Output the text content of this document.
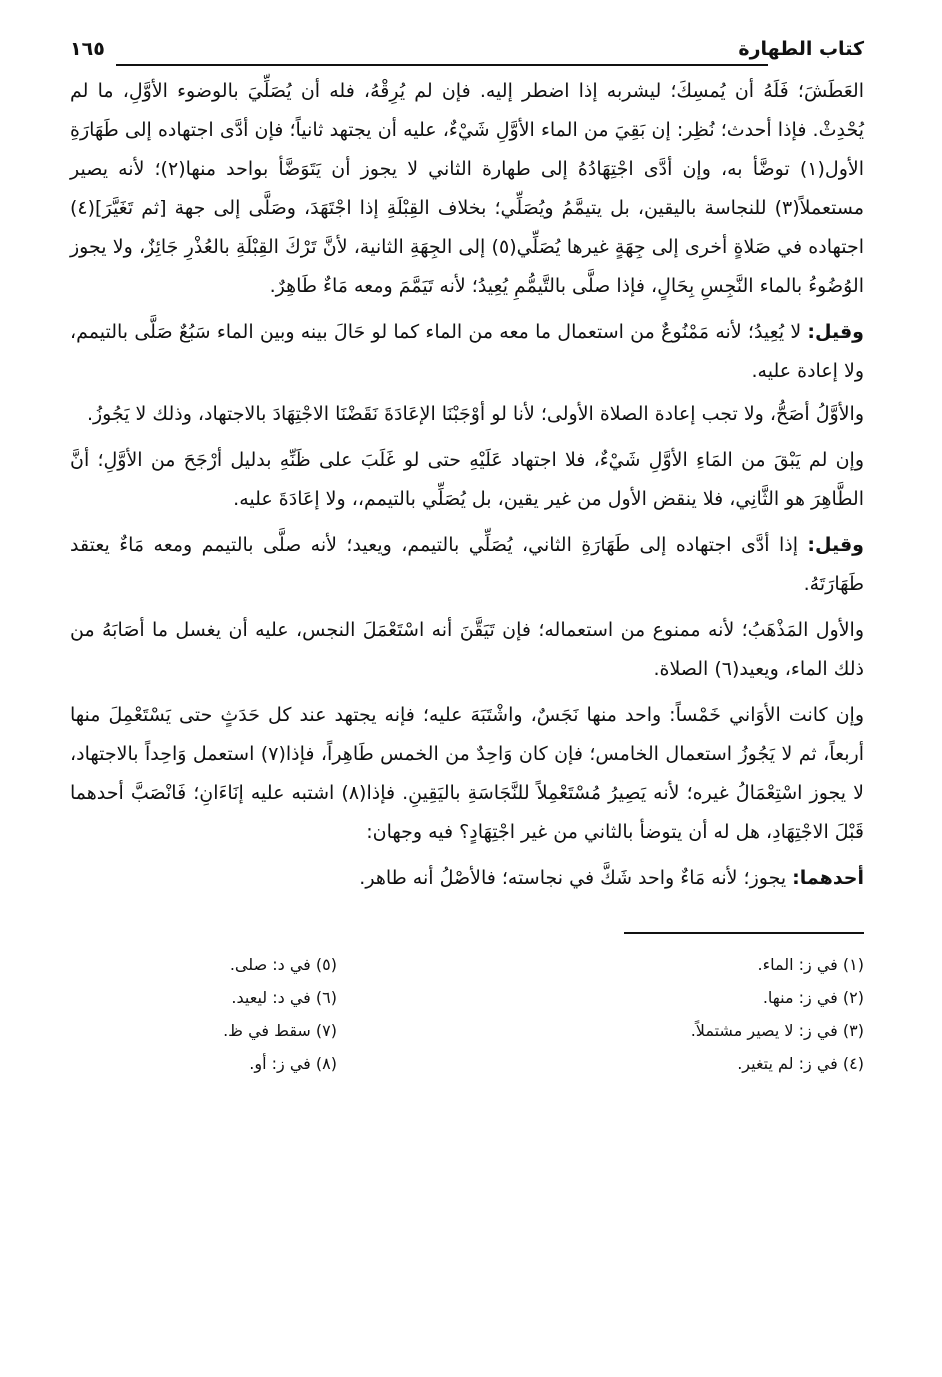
كتاب الطهارة
١٦٥

العَطَشَ؛ فَلَهُ أن يُمسِكَ؛ ليشربه إذا اضطر إليه. فإن لم يُرِقْهُ، فله أن يُصَلِّيَ بالوضوء الأوَّلِ، ما لم يُحْدِثْ. فإذا أحدث؛ نُظِر: إن بَقِيَ من الماء الأوَّلِ شَيْءٌ، عليه أن يجتهد ثانياً؛ فإن أدَّى اجتهاده إلى طَهَارَةِ الأول(١) توضَّأ به، وإن أدَّى اجْتِهَادُهُ إلى طهارة الثاني لا يجوز أن يَتَوَضَّأ بواحد منها(٢)؛ لأنه يصير مستعملاً(٣) للنجاسة باليقين، بل يتيمَّمُ ويُصَلِّي؛ بخلاف القِبْلَةِ إذا اجْتَهَدَ، وصَلَّى إلى جهة [ثم تَغَيَّرَ](٤) اجتهاده في صَلاةٍ أخرى إلى جِهَةٍ غيرها يُصَلِّي(٥) إلى الجِهَةِ الثانية، لأنَّ تَرْكَ القِبْلَةِ بالعُذْرِ جَائِزٌ، ولا يجوز الوُضُوءُ بالماء النَّجِسِ بِحَالٍ، فإذا صلَّى بالتَّيمُّمِ يُعِيدُ؛ لأنه تَيَمَّمَ ومعه مَاءٌ طَاهِرٌ.

وقيل: لا يُعِيدُ؛ لأنه مَمْنُوعٌ من استعمال ما معه من الماء كما لو حَالَ بينه وبين الماء سَبُعٌ صَلَّى بالتيمم، ولا إعادة عليه.

والأوَّلُ أصَحُّ، ولا تجب إعادة الصلاة الأولى؛ لأنا لو أوْجَبْنَا الإعَادَةَ نَقَضْنَا الاجْتِهَادَ بالاجتهاد، وذلك لا يَجُوزُ.

وإن لم يَبْقَ من المَاءِ الأوَّلِ شَيْءٌ، فلا اجتهاد عَلَيْهِ حتى لو غَلَبَ على ظَنِّهِ بدليل أرْجَحَ من الأوَّلِ؛ أنَّ الطَّاهِرَ هو الثَّانِي، فلا ينقض الأول من غير يقين، بل يُصَلِّي بالتيمم،، ولا إعَادَةَ عليه.

وقيل: إذا أدَّى اجتهاده إلى طَهَارَةِ الثاني، يُصَلِّي بالتيمم، ويعيد؛ لأنه صلَّى بالتيمم ومعه مَاءٌ يعتقد طَهَارَتَهُ.

والأول المَذْهَبُ؛ لأنه ممنوع من استعماله؛ فإن تَيَقَّنَ أنه اسْتَعْمَلَ النجس، عليه أن يغسل ما أصَابَهُ من ذلك الماء، ويعيد(٦) الصلاة.

وإن كانت الأوَاني خَمْساً: واحد منها نَجَسٌ، واشْتَبَهَ عليه؛ فإنه يجتهد عند كل حَدَثٍ حتى يَسْتَعْمِلَ منها أربعاً، ثم لا يَجُوزُ استعمال الخامس؛ فإن كان وَاحِدٌ من الخمس طَاهِراً، فإذا(٧) استعمل وَاحِداً بالاجتهاد، لا يجوز اسْتِعْمَالُ غيره؛ لأنه يَصِيرُ مُسْتَعْمِلاً للنَّجَاسَةِ باليَقِينِ. فإذا(٨) اشتبه عليه إنَاءَانِ؛ فَانْصَبَّ أحدهما قَبْلَ الاجْتِهَادِ، هل له أن يتوضأ بالثاني من غير اجْتِهَادٍ؟ فيه وجهان:

أحدهما: يجوز؛ لأنه مَاءٌ واحد شَكَّ في نجاسته؛ فالأصْلُ أنه طاهر.

(١) في ز: الماء.
(٢) في ز: منها.
(٣) في ز: لا يصير مشتملاً.
(٤) في ز: لم يتغير.
(٥) في د: صلى.
(٦) في د: ليعيد.
(٧) سقط في ظ.
(٨) في ز: أو.
